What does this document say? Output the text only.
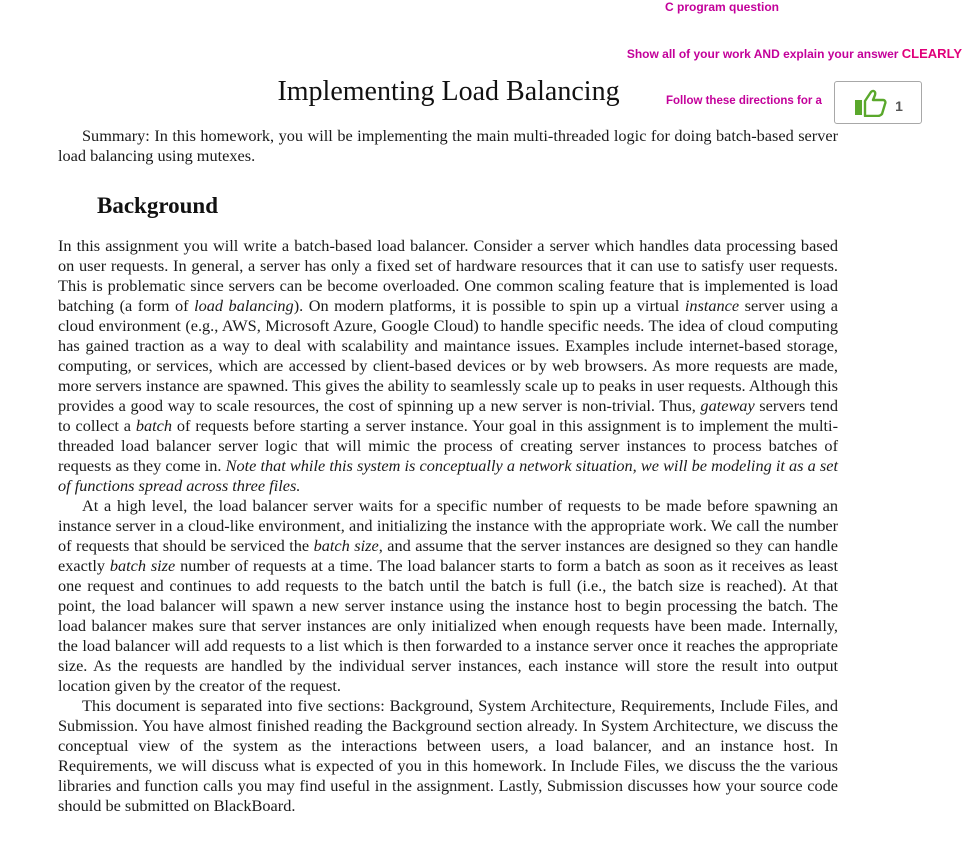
C program question
Show all of your work AND explain your answer CLEARLY
Follow these directions for a	1
Implementing Load Balancing

Summary: In this homework, you will be implementing the main multi-threaded logic for doing batch-based server load balancing using mutexes.

Background

In this assignment you will write a batch-based load balancer. Consider a server which handles data processing based on user requests. In general, a server has only a fixed set of hardware resources that it can use to satisfy user requests. This is problematic since servers can be become overloaded. One common scaling feature that is implemented is load batching (a form of load balancing). On modern platforms, it is possible to spin up a virtual instance server using a cloud environment (e.g., AWS, Microsoft Azure, Google Cloud) to handle specific needs. The idea of cloud computing has gained traction as a way to deal with scalability and maintance issues. Examples include internet-based storage, computing, or services, which are accessed by client-based devices or by web browsers. As more requests are made, more servers instance are spawned. This gives the ability to seamlessly scale up to peaks in user requests. Although this provides a good way to scale resources, the cost of spinning up a new server is non-trivial. Thus, gateway servers tend to collect a batch of requests before starting a server instance. Your goal in this assignment is to implement the multi-threaded load balancer server logic that will mimic the process of creating server instances to process batches of requests as they come in. Note that while this system is conceptually a network situation, we will be modeling it as a set of functions spread across three files.

At a high level, the load balancer server waits for a specific number of requests to be made before spawning an instance server in a cloud-like environment, and initializing the instance with the appropriate work. We call the number of requests that should be serviced the batch size, and assume that the server instances are designed so they can handle exactly batch size number of requests at a time. The load balancer starts to form a batch as soon as it receives as least one request and continues to add requests to the batch until the batch is full (i.e., the batch size is reached). At that point, the load balancer will spawn a new server instance using the instance host to begin processing the batch. The load balancer makes sure that server instances are only initialized when enough requests have been made. Internally, the load balancer will add requests to a list which is then forwarded to a instance server once it reaches the appropriate size. As the requests are handled by the individual server instances, each instance will store the result into output location given by the creator of the request.

This document is separated into five sections: Background, System Architecture, Requirements, Include Files, and Submission. You have almost finished reading the Background section already. In System Architecture, we discuss the conceptual view of the system as the interactions between users, a load balancer, and an instance host. In Requirements, we will discuss what is expected of you in this homework. In Include Files, we discuss the the various libraries and function calls you may find useful in the assignment. Lastly, Submission discusses how your source code should be submitted on BlackBoard.
